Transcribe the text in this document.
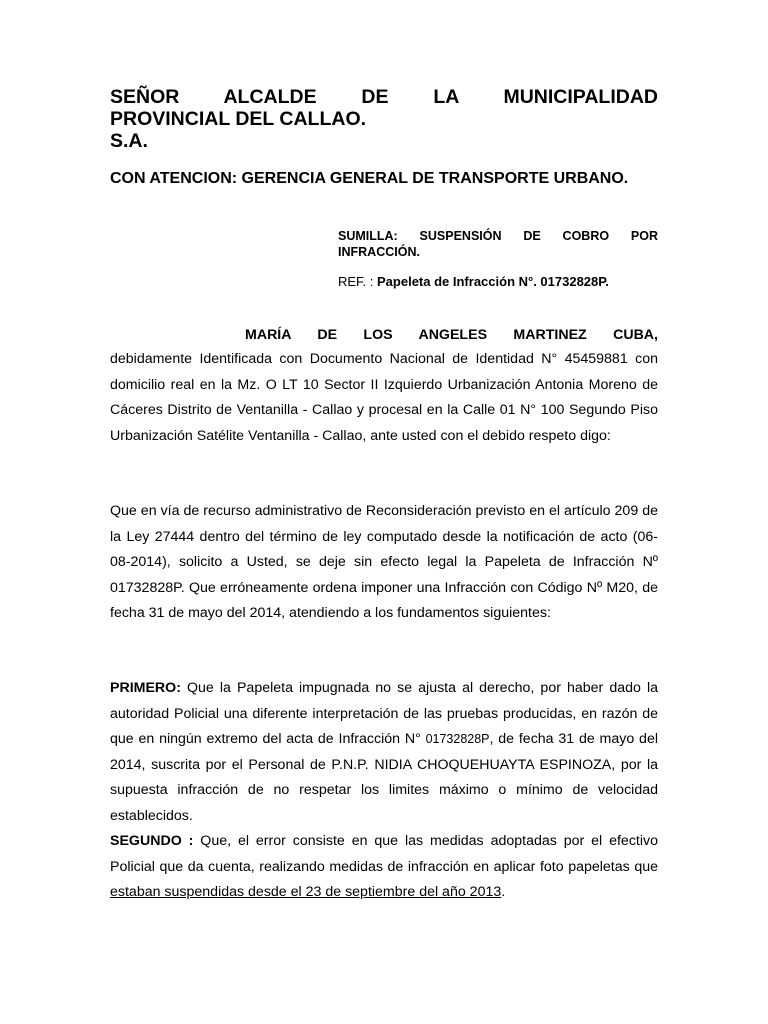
SEÑOR ALCALDE DE LA MUNICIPALIDAD
PROVINCIAL DEL CALLAO.
S.A.

CON ATENCION: GERENCIA GENERAL DE TRANSPORTE URBANO.

SUMILLA: SUSPENSIÓN DE COBRO POR INFRACCIÓN.

REF. : Papeleta de Infracción N°. 01732828P.

MARÍA DE LOS ANGELES MARTINEZ CUBA,

debidamente Identificada con Documento Nacional de Identidad N° 45459881 con domicilio real en la Mz. O LT 10 Sector II Izquierdo Urbanización Antonia Moreno de Cáceres Distrito de Ventanilla - Callao y procesal en la Calle 01 N° 100 Segundo Piso Urbanización Satélite Ventanilla - Callao, ante usted con el debido respeto digo:

Que en vía de recurso administrativo de Reconsideración previsto en el artículo 209 de la Ley 27444 dentro del término de ley computado desde la notificación de acto (06-08-2014), solicito a Usted, se deje sin efecto legal la Papeleta de Infracción Nº 01732828P. Que erróneamente ordena imponer una Infracción con Código Nº M20, de fecha 31 de mayo del 2014, atendiendo a los fundamentos siguientes:

PRIMERO: Que la Papeleta impugnada no se ajusta al derecho, por haber dado la autoridad Policial una diferente interpretación de las pruebas producidas, en razón de que en ningún extremo del acta de Infracción N° 01732828P, de fecha 31 de mayo del 2014, suscrita por el Personal de P.N.P. NIDIA CHOQUEHUAYTA ESPINOZA, por la supuesta infracción de no respetar los limites máximo o mínimo de velocidad establecidos.

SEGUNDO : Que, el error consiste en que las medidas adoptadas por el efectivo Policial que da cuenta, realizando medidas de infracción en aplicar foto papeletas que estaban suspendidas desde el 23 de septiembre del año 2013.
